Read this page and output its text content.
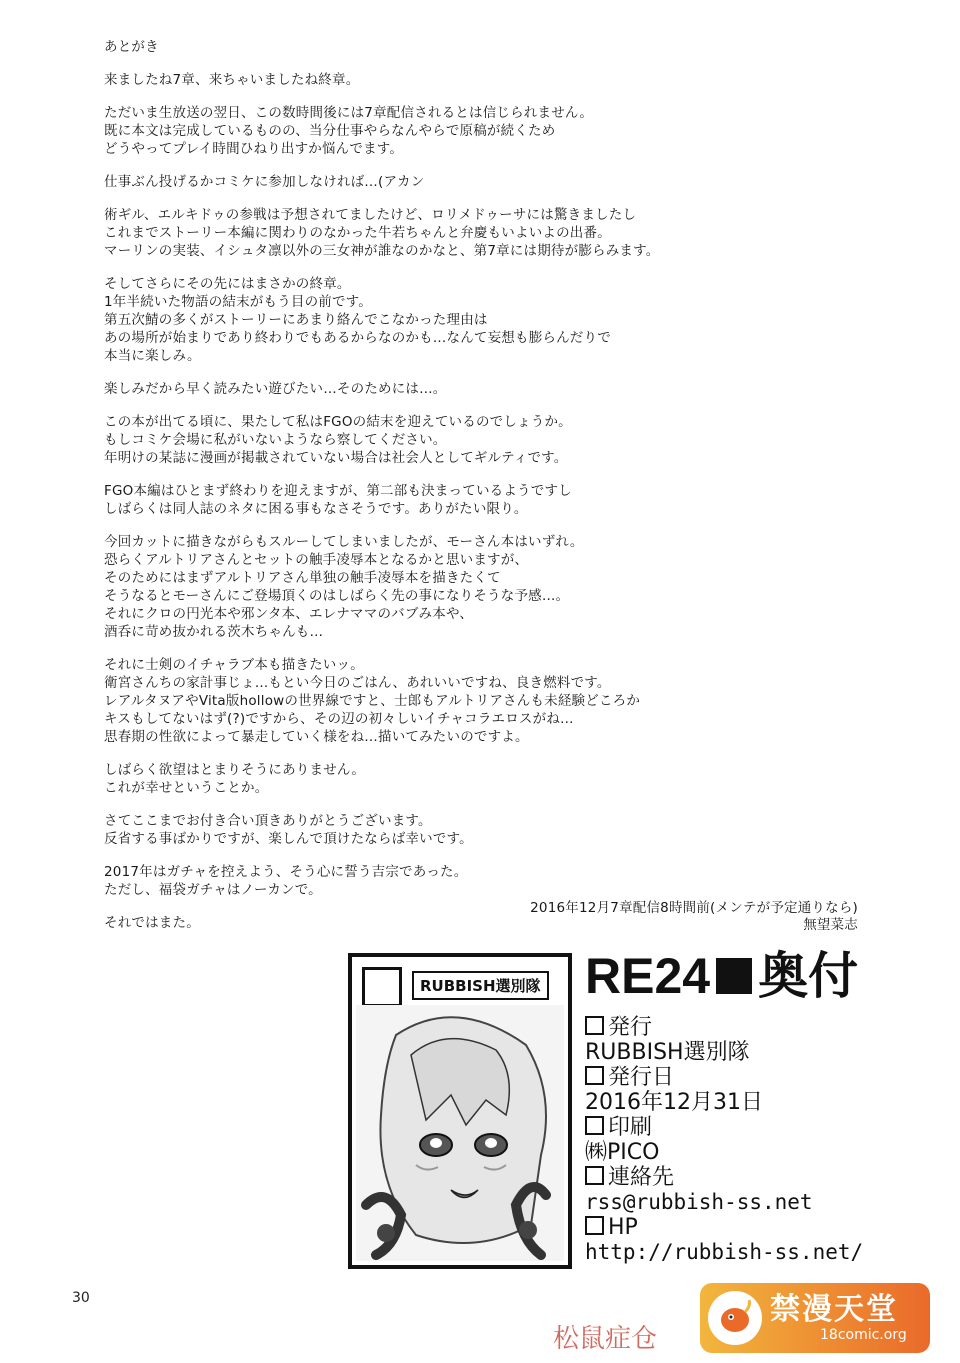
あとがき
来ましたね7章、来ちゃいましたね終章。
ただいま生放送の翌日、この数時間後には7章配信されるとは信じられません。
既に本文は完成しているものの、当分仕事やらなんやらで原稿が続くため
どうやってプレイ時間ひねり出すか悩んでます。
仕事ぶん投げるかコミケに参加しなければ…(アカン
術ギル、エルキドゥの参戦は予想されてましたけど、ロリメドゥーサには驚きましたし
これまでストーリー本編に関わりのなかった牛若ちゃんと弁慶もいよいよの出番。
マーリンの実装、イシュタ凛以外の三女神が誰なのかなと、第7章には期待が膨らみます。
そしてさらにその先にはまさかの終章。
1年半続いた物語の結末がもう目の前です。
第五次鯖の多くがストーリーにあまり絡んでこなかった理由は
あの場所が始まりであり終わりでもあるからなのかも…なんて妄想も膨らんだりで
本当に楽しみ。
楽しみだから早く読みたい遊びたい…そのためには…。
この本が出てる頃に、果たして私はFGOの結末を迎えているのでしょうか。
もしコミケ会場に私がいないようなら察してください。
年明けの某誌に漫画が掲載されていない場合は社会人としてギルティです。
FGO本編はひとまず終わりを迎えますが、第二部も決まっているようですし
しばらくは同人誌のネタに困る事もなさそうです。ありがたい限り。
今回カットに描きながらもスルーしてしまいましたが、モーさん本はいずれ。
恐らくアルトリアさんとセットの触手凌辱本となるかと思いますが、
そのためにはまずアルトリアさん単独の触手凌辱本を描きたくて
そうなるとモーさんにご登場頂くのはしばらく先の事になりそうな予感…。
それにクロの円光本や邪ンタ本、エレナママのバブみ本や、
酒呑に苛め抜かれる茨木ちゃんも…
それに士剣のイチャラブ本も描きたいッ。
衛宮さんちの家計事じょ…もとい今日のごはん、あれいいですね、良き燃料です。
レアルタヌアやVita版hollowの世界線ですと、士郎もアルトリアさんも未経験どころか
キスもしてないはず(?)ですから、その辺の初々しいイチャコラエロスがね…
思春期の性欲によって暴走していく様をね…描いてみたいのですよ。
しばらく欲望はとまりそうにありません。
これが幸せということか。
さてここまでお付き合い頂きありがとうございます。
反省する事ばかりですが、楽しんで頂けたならば幸いです。
2017年はガチャを控えよう、そう心に誓う吉宗であった。
ただし、福袋ガチャはノーカンで。
それではまた。
2016年12月7章配信8時間前(メンテが予定通りなら)
無望菜志
RUBBISH選別隊 RE24 奥付
発行
RUBBISH選別隊
発行日
2016年12月31日
印刷
㈱PICO
連絡先
rss@rubbish-ss.net
HP
http://rubbish-ss.net/
30
松鼠症仓
禁漫天堂
18comic.org
